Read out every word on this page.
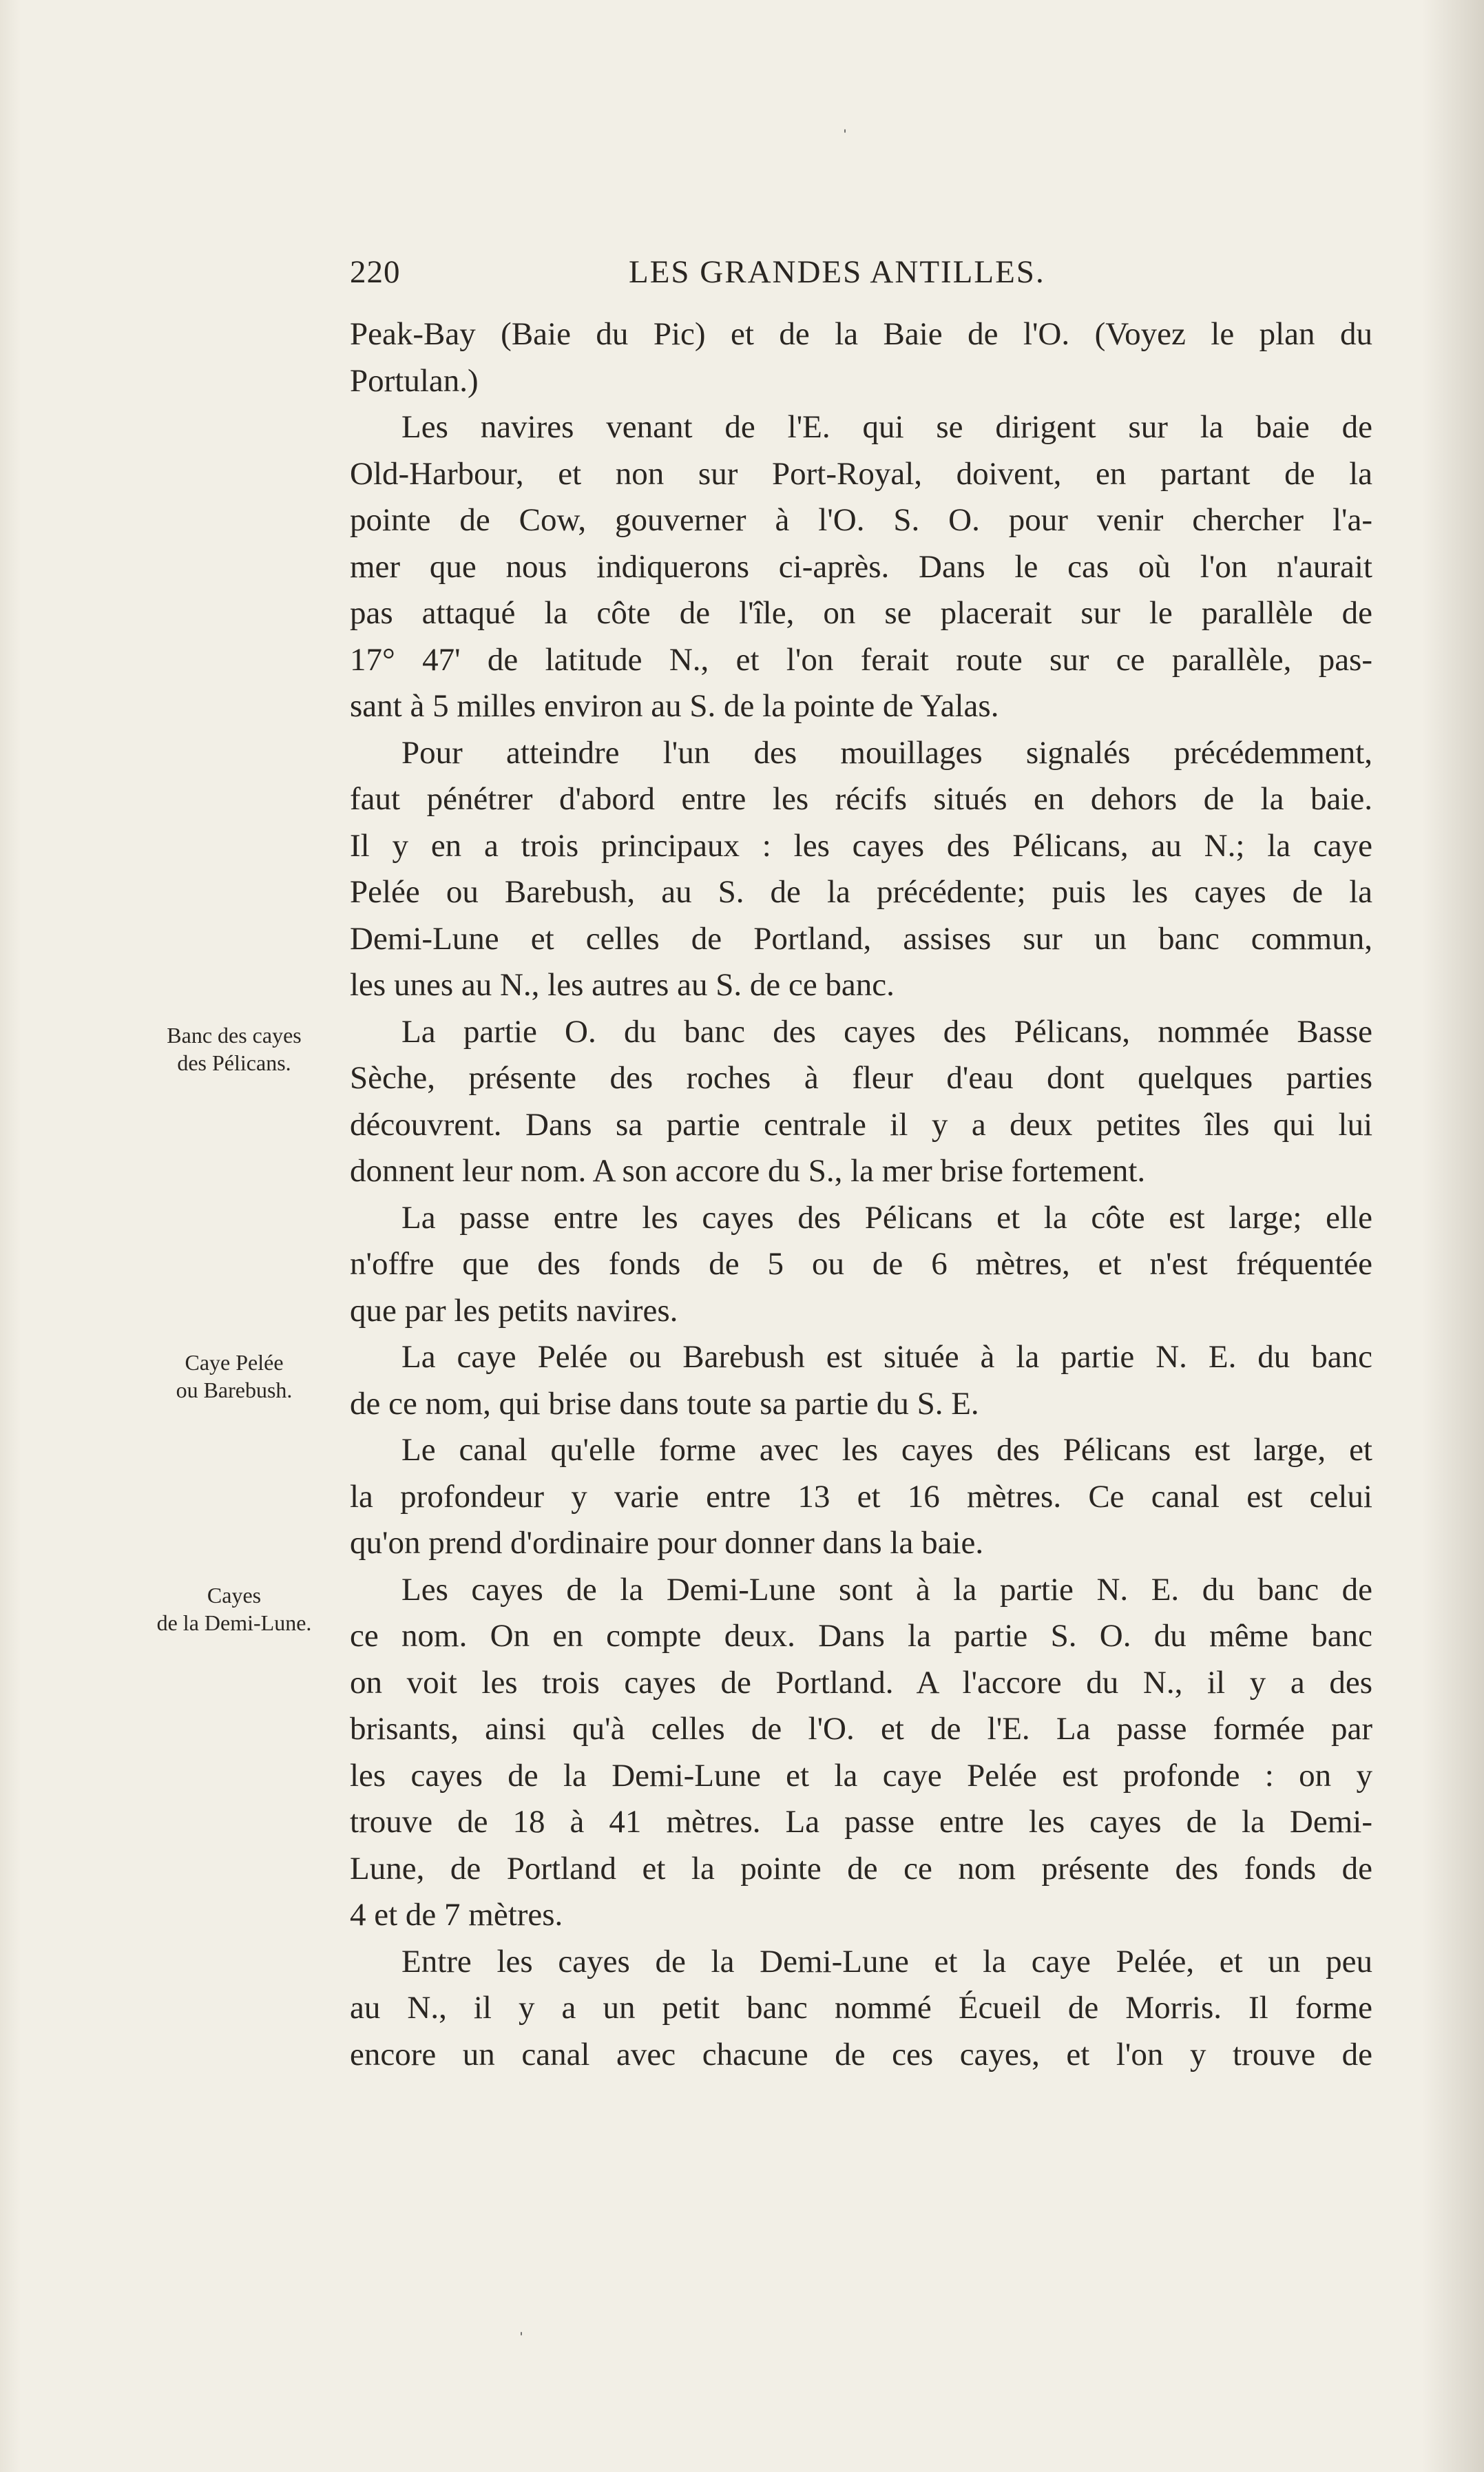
ˌ
ˌ
220	LES GRANDES ANTILLES.
Banc des cayes
des Pélicans.
Caye Pelée
ou Barebush.
Cayes
de la Demi-Lune.
Peak-Bay (Baie du Pic) et de la Baie de l'O. (Voyez le plan du
Portulan.)
Les navires venant de l'E. qui se dirigent sur la baie de
Old-Harbour, et non sur Port-Royal, doivent, en partant de la
pointe de Cow, gouverner à l'O. S. O. pour venir chercher l'a-
mer que nous indiquerons ci-après. Dans le cas où l'on n'aurait
pas attaqué la côte de l'île, on se placerait sur le parallèle de
17° 47' de latitude N., et l'on ferait route sur ce parallèle, pas-
sant à 5 milles environ au S. de la pointe de Yalas.
Pour atteindre l'un des mouillages signalés précédemment,
faut pénétrer d'abord entre les récifs situés en dehors de la baie.
Il y en a trois principaux : les cayes des Pélicans, au N.; la caye
Pelée ou Barebush, au S. de la précédente; puis les cayes de la
Demi-Lune et celles de Portland, assises sur un banc commun,
les unes au N., les autres au S. de ce banc.
La partie O. du banc des cayes des Pélicans, nommée Basse
Sèche, présente des roches à fleur d'eau dont quelques parties
découvrent. Dans sa partie centrale il y a deux petites îles qui lui
donnent leur nom. A son accore du S., la mer brise fortement.
La passe entre les cayes des Pélicans et la côte est large; elle
n'offre que des fonds de 5 ou de 6 mètres, et n'est fréquentée
que par les petits navires.
La caye Pelée ou Barebush est située à la partie N. E. du banc
de ce nom, qui brise dans toute sa partie du S. E.
Le canal qu'elle forme avec les cayes des Pélicans est large, et
la profondeur y varie entre 13 et 16 mètres. Ce canal est celui
qu'on prend d'ordinaire pour donner dans la baie.
Les cayes de la Demi-Lune sont à la partie N. E. du banc de
ce nom. On en compte deux. Dans la partie S. O. du même banc
on voit les trois cayes de Portland. A l'accore du N., il y a des
brisants, ainsi qu'à celles de l'O. et de l'E. La passe formée par
les cayes de la Demi-Lune et la caye Pelée est profonde : on y
trouve de 18 à 41 mètres. La passe entre les cayes de la Demi-
Lune, de Portland et la pointe de ce nom présente des fonds de
4 et de 7 mètres.
Entre les cayes de la Demi-Lune et la caye Pelée, et un peu
au N., il y a un petit banc nommé Écueil de Morris. Il forme
encore un canal avec chacune de ces cayes, et l'on y trouve de
